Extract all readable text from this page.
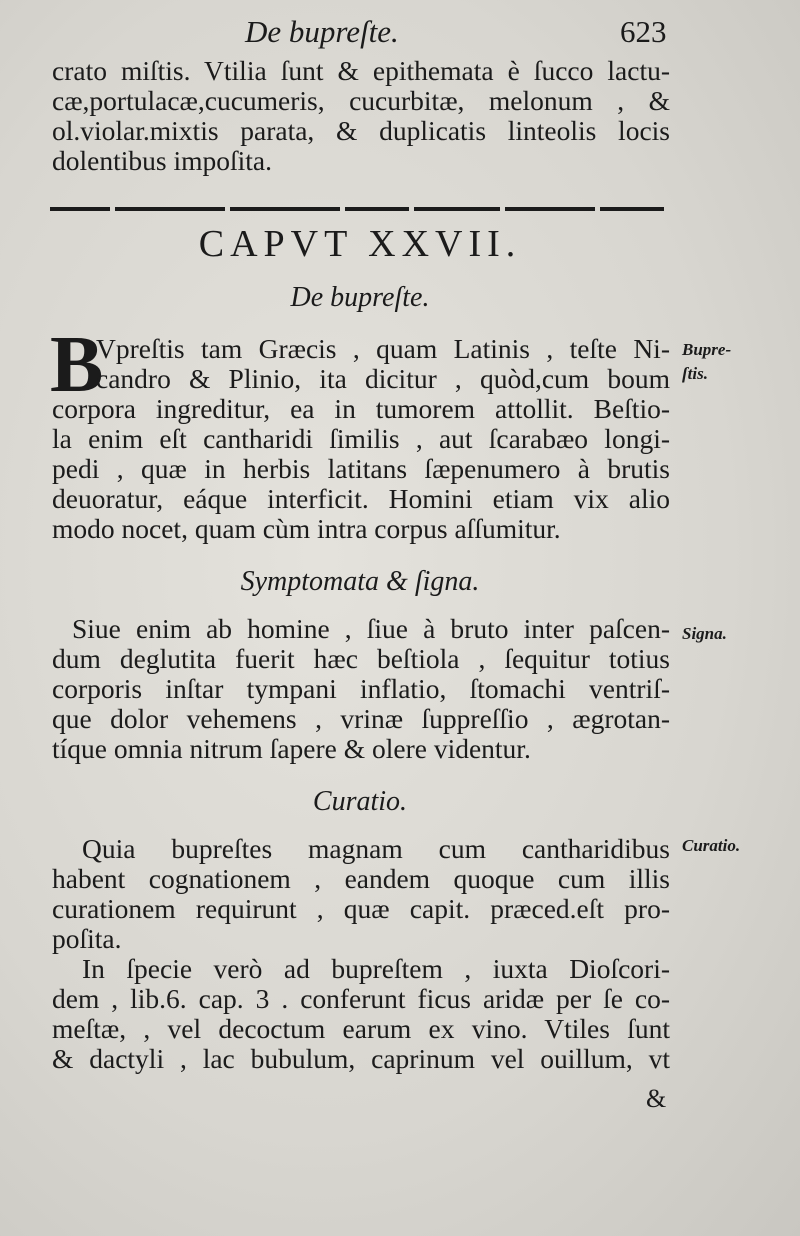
De bupreſte.	623
crato miſtis. Vtilia ſunt & epithemata è ſucco lactu-
cæ,portulacæ,cucumeris, cucurbitæ, melonum , &
ol.violar.mixtis parata, & duplicatis linteolis locis
dolentibus impoſita.
CAPVT XXVII.
De bupreſte.
B
Vpreſtis tam Græcis , quam Latinis , teſte Ni-
candro & Plinio, ita dicitur , quòd,cum boum
corpora ingreditur, ea in tumorem attollit. Beſtio-
la enim eſt cantharidi ſimilis , aut ſcarabæo longi-
pedi , quæ in herbis latitans ſæpenumero à brutis
deuoratur, eáque interficit. Homini etiam vix alio
modo nocet, quam cùm intra corpus aſſumitur.
Bupre-
ſtis.
Symptomata & ſigna.
Siue enim ab homine , ſiue à bruto inter paſcen-
dum deglutita fuerit hæc beſtiola , ſequitur totius
corporis inſtar tympani inflatio, ſtomachi ventriſ-
que dolor vehemens , vrinæ ſuppreſſio , ægrotan-
tíque omnia nitrum ſapere & olere videntur.
Signa.
Curatio.
Quia bupreſtes magnam cum cantharidibus
habent cognationem , eandem quoque cum illis
curationem requirunt , quæ capit. præced.eſt pro-
poſita.
Curatio.
In ſpecie verò ad bupreſtem , iuxta Dioſcori-
dem , lib.6. cap. 3 . conferunt ficus aridæ per ſe co-
meſtæ, , vel decoctum earum ex vino. Vtiles ſunt
& dactyli , lac bubulum, caprinum vel ouillum, vt
&
